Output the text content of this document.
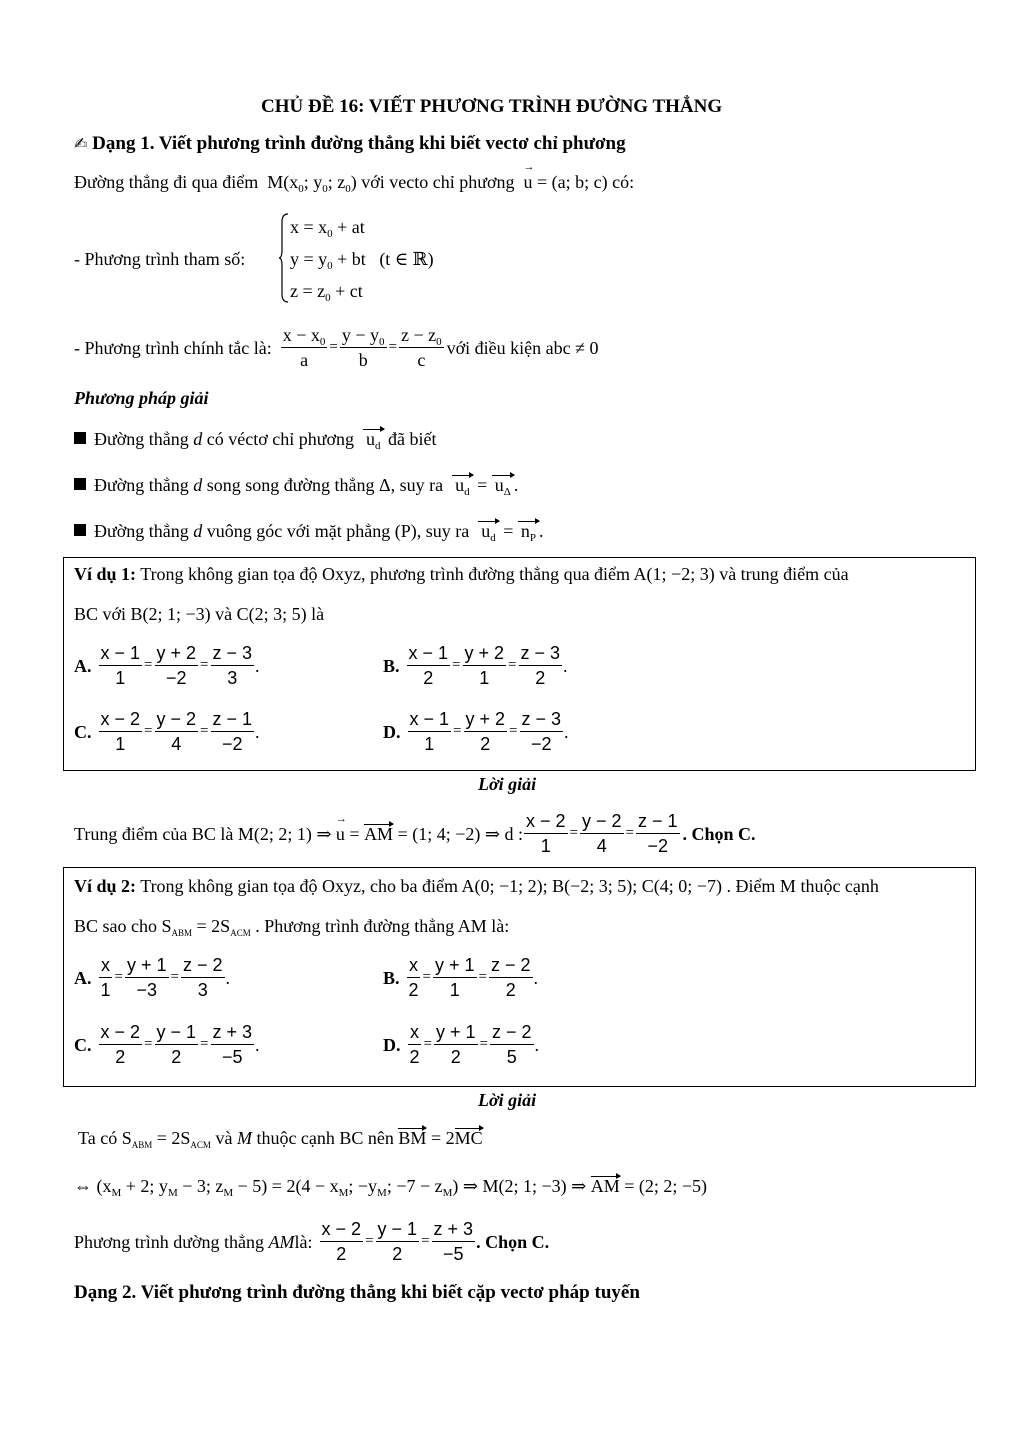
CHỦ ĐỀ 16: VIẾT PHƯƠNG TRÌNH ĐƯỜNG THẲNG
✍ Dạng 1. Viết phương trình đường thẳng khi biết vectơ chỉ phương
Đường thẳng đi qua điểm $M(x_0$; $y_0$; $z_0$) với vecto chỉ phương → u = (a; b; c) có:
- Phương trình tham số:
$x = x_0$ + at
$y = y_0$ + bt (t ∈ ℝ)
$z = z_0$ + ct
- Phương trình chính tắc là: $\frac{x - x_0}{a} = \frac{y - y_0}{b} = \frac{z - z_0}{c}$ với điều kiện abc ≠ 0
Phương pháp giải
Đường thẳng d có véctơ chỉ phương $u_d$ đã biết
Đường thẳng d song song đường thẳng Δ, suy ra $u_d = u_\Delta$ .
Đường thẳng d vuông góc với mặt phẳng (P), suy ra $u_d = n_P$ .
Ví dụ 1: Trong không gian tọa độ Oxyz, phương trình đường thẳng qua điểm A(1; −2; 3) và trung điểm của
BC với B(2; 1; −3) và C(2; 3; 5) là
A. $\frac{x - 1}{1} = \frac{y + 2}{-2} = \frac{z - 3}{3}$ .	B. $\frac{x - 1}{2} = \frac{y + 2}{1} = \frac{z - 3}{2}$ .
C. $\frac{x - 2}{1} = \frac{y - 2}{4} = \frac{z - 1}{-2}$ .	D. $\frac{x - 1}{1} = \frac{y + 2}{2} = \frac{z - 3}{-2}$ .
Lời giải
Trung điểm của BC là M(2; 2; 1) ⇒
→ u = AM = (1; 4; −2) ⇒ d : $\frac{x - 2}{1} = \frac{y - 2}{4} = \frac{z - 1}{-2}$ . Chọn C.
Ví dụ 2: Trong không gian tọa độ Oxyz, cho ba điểm A(0; −1; 2); B(−2; 3; 5); C(4; 0; −7) . Điểm M thuộc cạnh
BC sao cho $S_{ABM} = 2S_{ACM}$ . Phương trình đường thẳng AM là:
A. $\frac{x}{1} = \frac{y + 1}{-3} = \frac{z - 2}{3}$ .	B. $\frac{x}{2} = \frac{y + 1}{1} = \frac{z - 2}{2}$ .
C. $\frac{x - 2}{2} = \frac{y - 1}{2} = \frac{z + 3}{-5}$ .	D. $\frac{x}{2} = \frac{y + 1}{2} = \frac{z - 2}{5}$ .
Lời giải
Ta có $S_{ABM} = 2S_{ACM}$ và M thuộc cạnh BC nên BM = 2MC
⇔ ($x_M + 2$; $y_M - 3$; $z_M - 5) = 2(4 - x_M$; $-y_M$; $-7 - z_M$) ⇒ M(2; 1; −3) ⇒ AM = (2; 2; −5)
Phương trình dường thẳng AM là: $\frac{x - 2}{2} = \frac{y - 1}{2} = \frac{z + 3}{-5}$ . Chọn C.
Dạng 2. Viết phương trình đường thẳng khi biết cặp vectơ pháp tuyến
